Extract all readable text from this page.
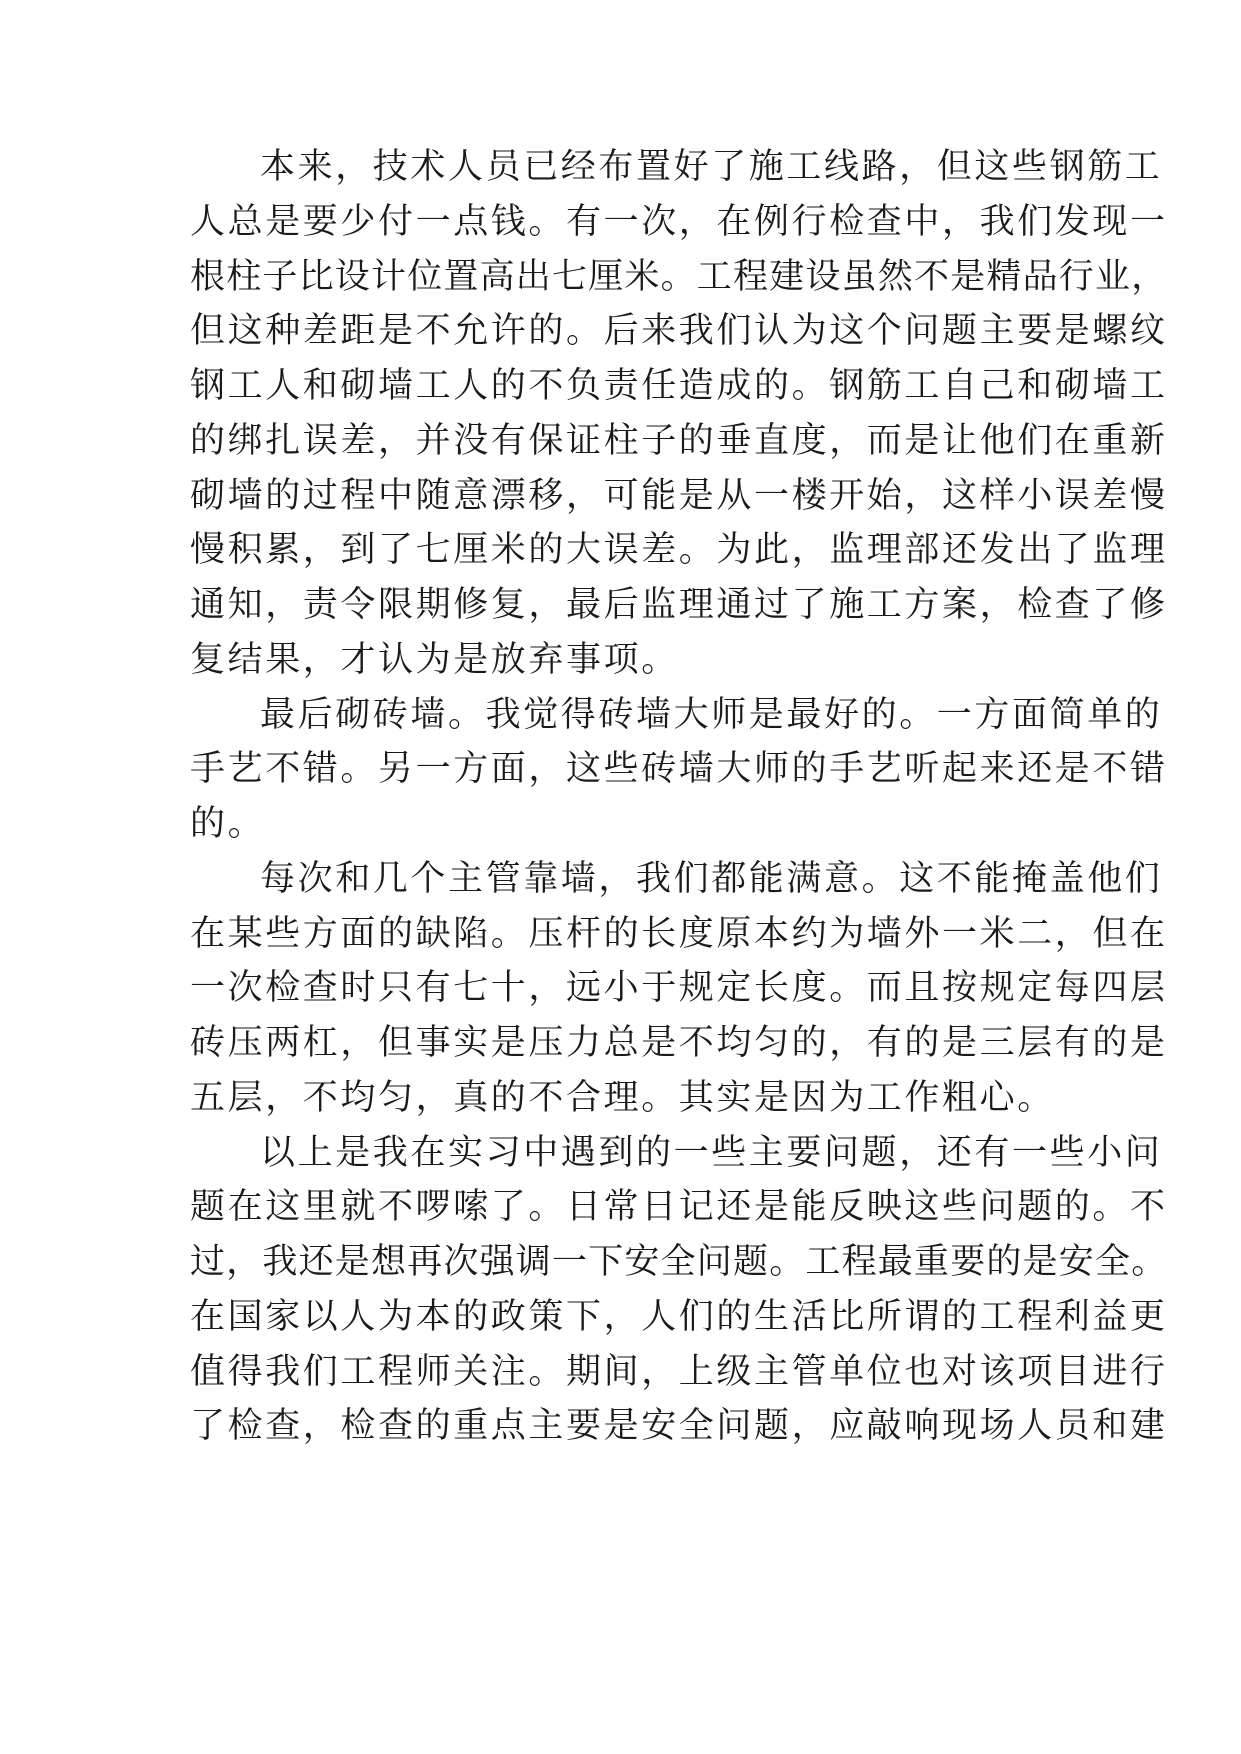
本来，技术人员已经布置好了施工线路，但这些钢筋工
人总是要少付一点钱。有一次，在例行检查中，我们发现一
根柱子比设计位置高出七厘米。工程建设虽然不是精品行业，
但这种差距是不允许的。后来我们认为这个问题主要是螺纹
钢工人和砌墙工人的不负责任造成的。钢筋工自己和砌墙工
的绑扎误差，并没有保证柱子的垂直度，而是让他们在重新
砌墙的过程中随意漂移，可能是从一楼开始，这样小误差慢
慢积累，到了七厘米的大误差。为此，监理部还发出了监理
通知，责令限期修复，最后监理通过了施工方案，检查了修
复结果，才认为是放弃事项。
最后砌砖墙。我觉得砖墙大师是最好的。一方面简单的
手艺不错。另一方面，这些砖墙大师的手艺听起来还是不错
的。
每次和几个主管靠墙，我们都能满意。这不能掩盖他们
在某些方面的缺陷。压杆的长度原本约为墙外一米二，但在
一次检查时只有七十，远小于规定长度。而且按规定每四层
砖压两杠，但事实是压力总是不均匀的，有的是三层有的是
五层，不均匀，真的不合理。其实是因为工作粗心。
以上是我在实习中遇到的一些主要问题，还有一些小问
题在这里就不啰嗦了。日常日记还是能反映这些问题的。不
过，我还是想再次强调一下安全问题。工程最重要的是安全。
在国家以人为本的政策下，人们的生活比所谓的工程利益更
值得我们工程师关注。期间，上级主管单位也对该项目进行
了检查，检查的重点主要是安全问题，应敲响现场人员和建
